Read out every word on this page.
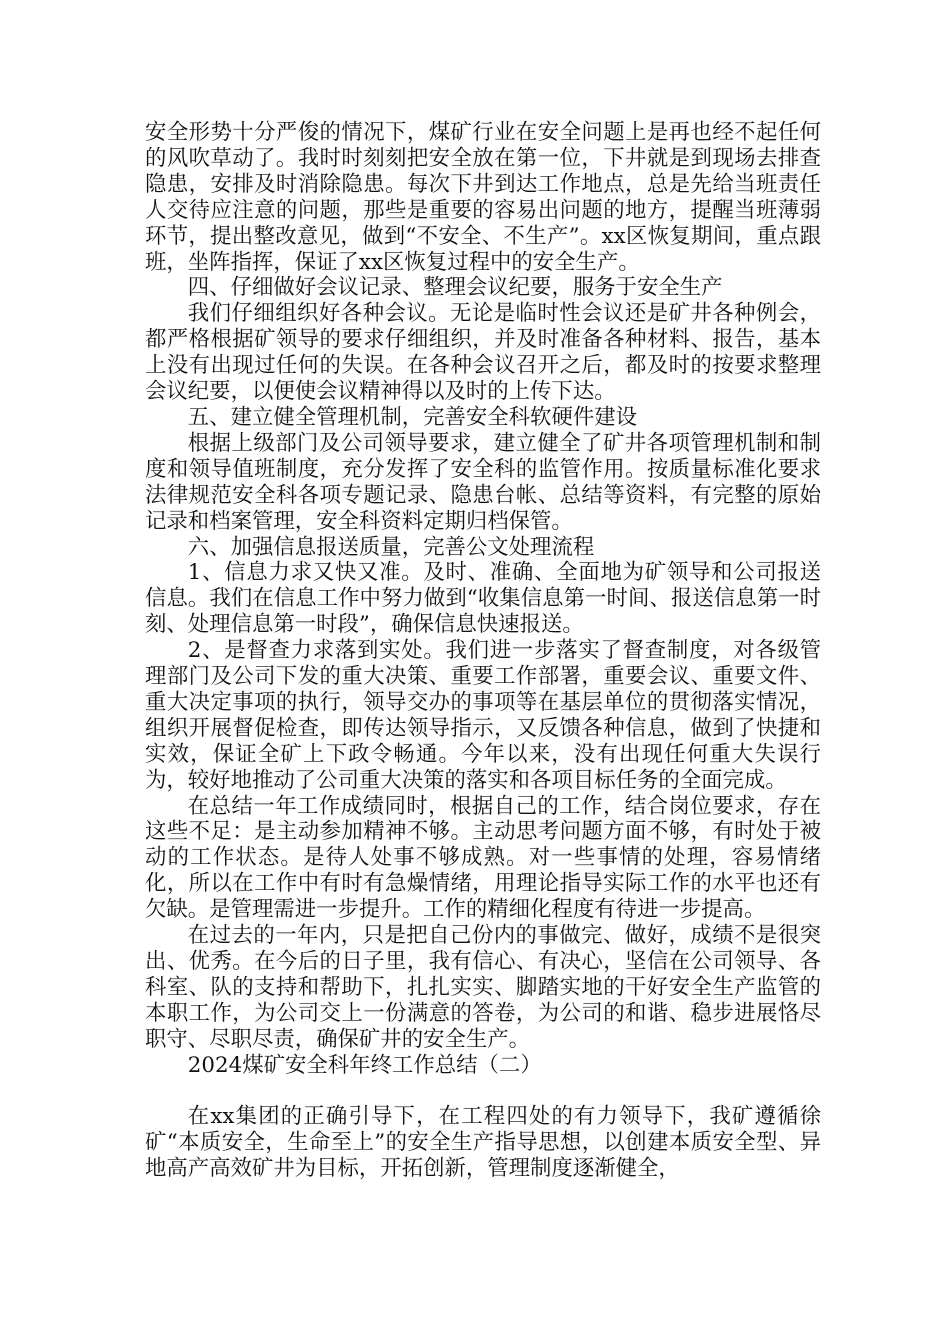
安全形势十分严俊的情况下，煤矿行业在安全问题上是再也经不起任何的风吹草动了。我时时刻刻把安全放在第一位，下井就是到现场去排查隐患，安排及时消除隐患。每次下井到达工作地点，总是先给当班责任人交待应注意的问题，那些是重要的容易出问题的地方，提醒当班薄弱环节，提出整改意见，做到“不安全、不生产”。xx区恢复期间，重点跟班，坐阵指挥，保证了xx区恢复过程中的安全生产。

四、仔细做好会议记录、整理会议纪要，服务于安全生产

我们仔细组织好各种会议。无论是临时性会议还是矿井各种例会，都严格根据矿领导的要求仔细组织，并及时准备各种材料、报告，基本上没有出现过任何的失误。在各种会议召开之后，都及时的按要求整理会议纪要，以便使会议精神得以及时的上传下达。

五、建立健全管理机制，完善安全科软硬件建设

根据上级部门及公司领导要求，建立健全了矿井各项管理机制和制度和领导值班制度，充分发挥了安全科的监管作用。按质量标准化要求法律规范安全科各项专题记录、隐患台帐、总结等资料，有完整的原始记录和档案管理，安全科资料定期归档保管。

六、加强信息报送质量，完善公文处理流程

1、信息力求又快又准。及时、准确、全面地为矿领导和公司报送信息。我们在信息工作中努力做到“收集信息第一时间、报送信息第一时刻、处理信息第一时段”，确保信息快速报送。

2、是督查力求落到实处。我们进一步落实了督查制度，对各级管理部门及公司下发的重大决策、重要工作部署，重要会议、重要文件、重大决定事项的执行，领导交办的事项等在基层单位的贯彻落实情况，组织开展督促检查，即传达领导指示，又反馈各种信息，做到了快捷和实效，保证全矿上下政令畅通。今年以来，没有出现任何重大失误行为，较好地推动了公司重大决策的落实和各项目标任务的全面完成。

在总结一年工作成绩同时，根据自己的工作，结合岗位要求，存在这些不足：是主动参加精神不够。主动思考问题方面不够，有时处于被动的工作状态。是待人处事不够成熟。对一些事情的处理，容易情绪化，所以在工作中有时有急燥情绪，用理论指导实际工作的水平也还有欠缺。是管理需进一步提升。工作的精细化程度有待进一步提高。

在过去的一年内，只是把自己份内的事做完、做好，成绩不是很突出、优秀。在今后的日子里，我有信心、有决心，坚信在公司领导、各科室、队的支持和帮助下，扎扎实实、脚踏实地的干好安全生产监管的本职工作，为公司交上一份满意的答卷，为公司的和谐、稳步进展恪尽职守、尽职尽责，确保矿井的安全生产。

2024煤矿安全科年终工作总结（二）

在xx集团的正确引导下，在工程四处的有力领导下，我矿遵循徐矿“本质安全，生命至上”的安全生产指导思想，以创建本质安全型、异地高产高效矿井为目标，开拓创新，管理制度逐渐健全，
